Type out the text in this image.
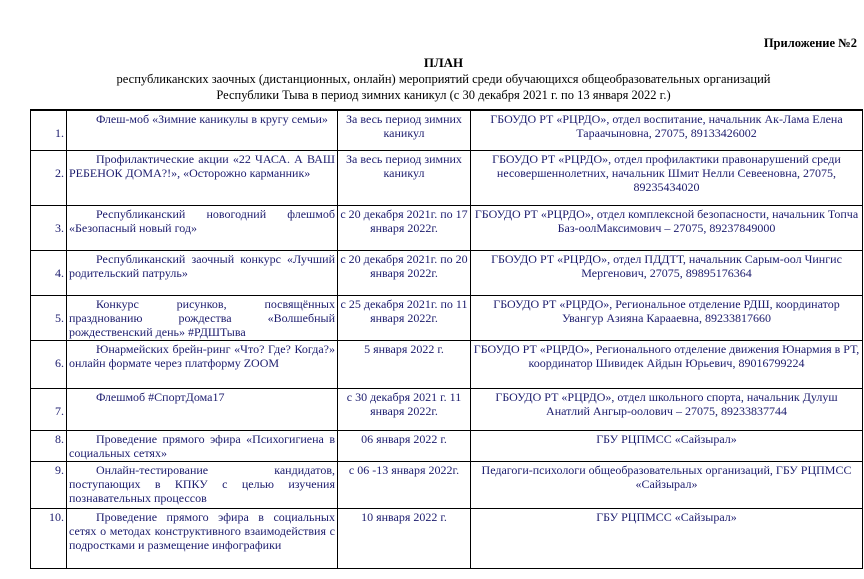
Приложение №2
ПЛАН
республиканских заочных (дистанционных, онлайн) мероприятий среди обучающихся общеобразовательных организаций
Республики Тыва в период зимних каникул (с 30 декабря 2021 г. по 13 января 2022 г.)
1.	Флеш-моб «Зимние каникулы в кругу семьи»	За весь период зимних каникул	ГБОУДО РТ «РЦРДО», отдел воспитание, начальник Ак-Лама Елена Тараачыновна, 27075, 89133426002
2.	Профилактические акции «22 ЧАСА. А ВАШ РЕБЕНОК ДОМА?!», «Осторожно карманник»	За весь период зимних каникул	ГБОУДО РТ «РЦРДО», отдел профилактики правонарушений среди несовершеннолетних, начальник Шмит Нелли Севееновна, 27075, 89235434020
3.	Республиканский новогодний флешмоб «Безопасный новый год»	с 20 декабря 2021г. по 17 января 2022г.	ГБОУДО РТ «РЦРДО», отдел комплексной безопасности, начальник Топча Баз-оолМаксимович – 27075, 89237849000
4.	Республиканский заочный конкурс «Лучший родительский патруль»	с 20 декабря 2021г. по 20 января 2022г.	ГБОУДО РТ «РЦРДО», отдел ПДДТТ, начальник Сарым-оол Чингис Мергенович, 27075, 89895176364
5.	Конкурс рисунков, посвящённых празднованию рождества «Волшебный рождественский день» #РДШТыва	с 25 декабря 2021г. по 11 января 2022г.	ГБОУДО РТ «РЦРДО», Региональное отделение РДШ, координатор Увангур Азияна Карааевна, 89233817660
6.	Юнармейских брейн-ринг «Что? Где? Когда?» онлайн формате через платформу ZOOM	5 января 2022 г.	ГБОУДО РТ «РЦРДО», Регионального отделение движения Юнармия в РТ, координатор Шивидек Айдын Юрьевич, 89016799224
7.	Флешмоб #СпортДома17	с 30 декабря 2021 г. 11 января 2022г.	ГБОУДО РТ «РЦРДО», отдел школьного спорта, начальник Дулуш Анатлий Ангыр-оолович – 27075, 89233837744
8.	Проведение прямого эфира «Психогигиена в социальных сетях»	06 января 2022 г.	ГБУ РЦПМСС «Сайзырал»
9.	Онлайн-тестирование кандидатов, поступающих в КПКУ с целью изучения познавательных процессов	с 06 -13 января 2022г.	Педагоги-психологи общеобразовательных организаций, ГБУ РЦПМСС «Сайзырал»
10.	Проведение прямого эфира в социальных сетях о методах конструктивного взаимодействия с подростками и размещение инфографики	10 января 2022 г.	ГБУ РЦПМСС «Сайзырал»
